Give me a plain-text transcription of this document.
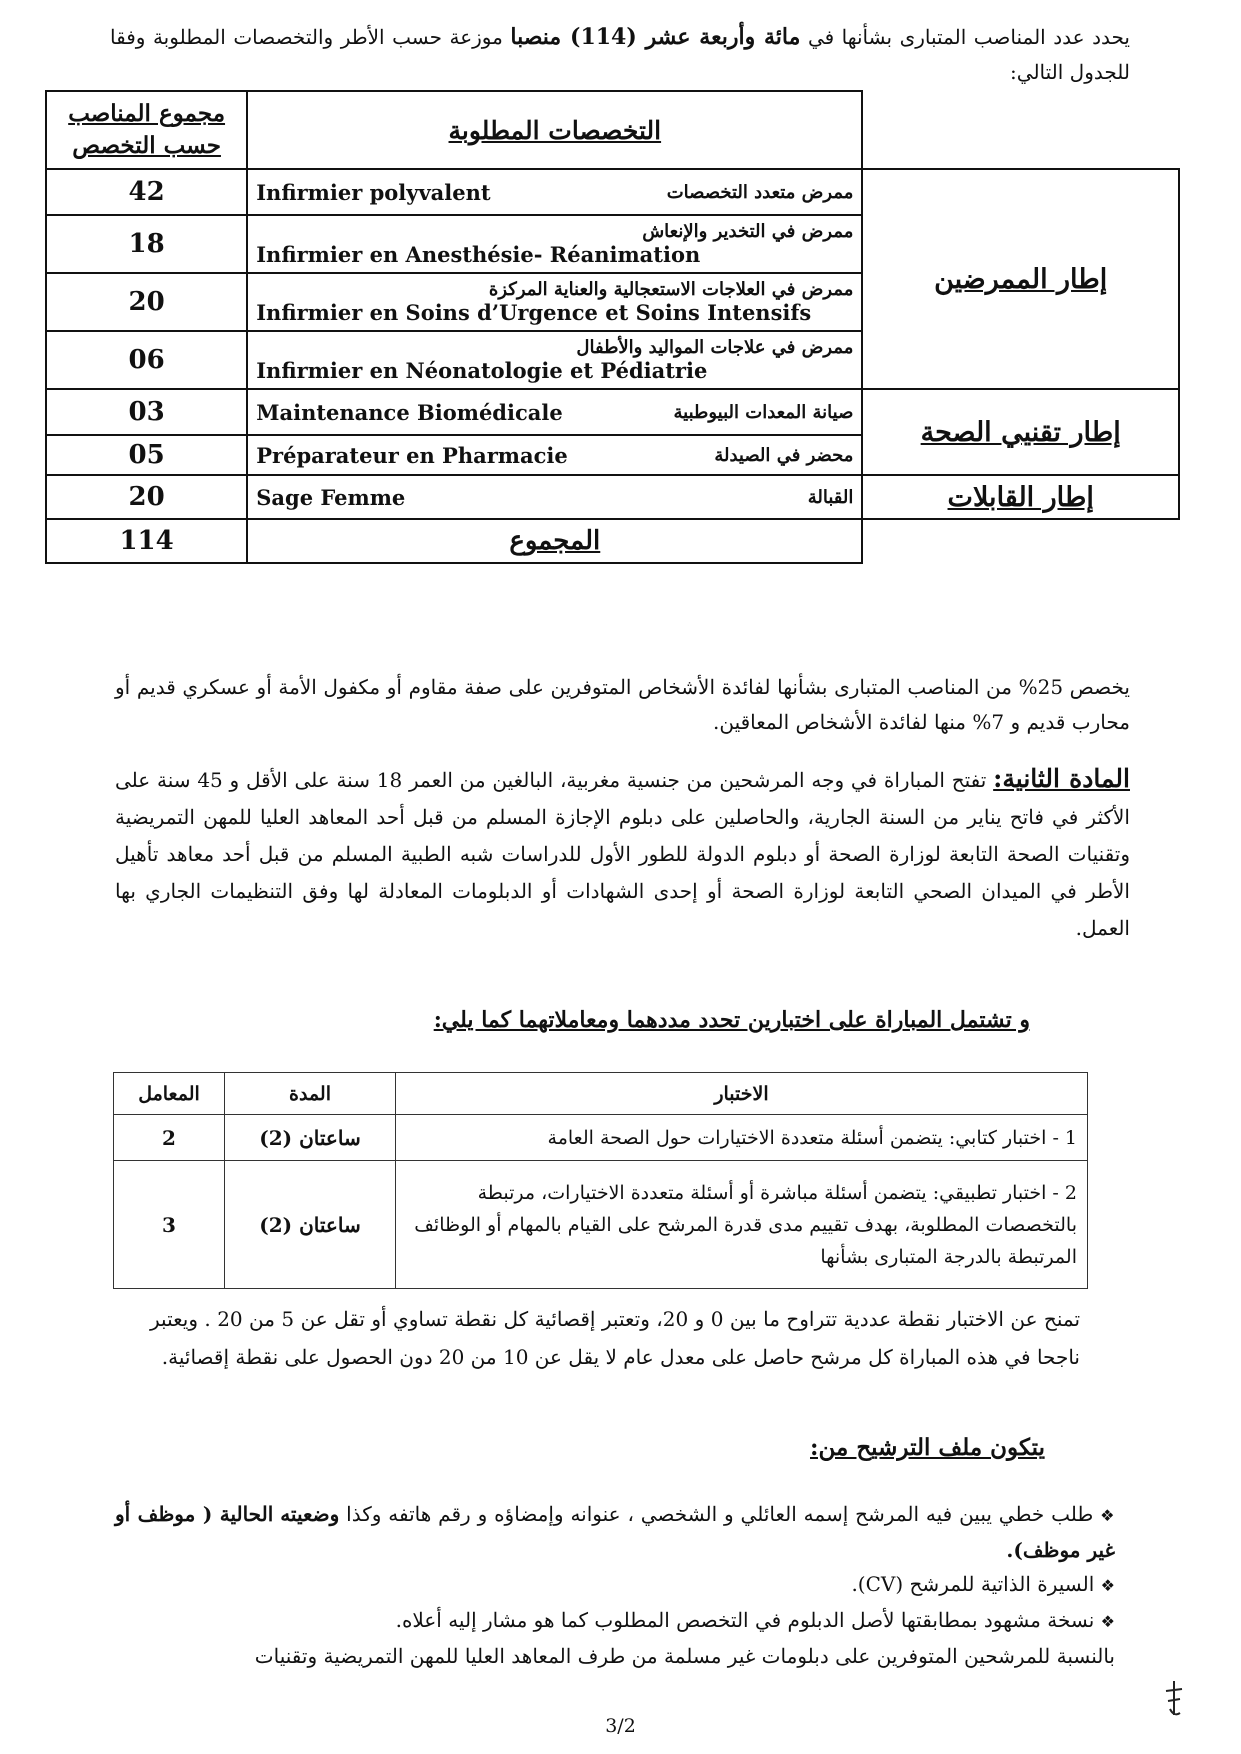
يحدد عدد المناصب المتبارى بشأنها في مائة وأربعة عشر (114) منصبا موزعة حسب الأطر والتخصصات المطلوبة وفقا للجدول التالي:
مجموع المناصب حسب التخصص	التخصصات المطلوبة	
42	Infirmier polyvalent ممرض متعدد التخصصات	إطار الممرضين
18	ممرض في التخدير والإنعاش
Infirmier en Anesthésie- Réanimation	

20	ممرض في العلاجات الاستعجالية والعناية المركزة
Infirmier en Soins d’Urgence et Soins Intensifs	

06	ممرض في علاجات المواليد والأطفال
Infirmier en Néonatologie et Pédiatrie	

03	Maintenance Biomédicale صيانة المعدات البيوطبية	إطار تقنيي الصحة
05	Préparateur en Pharmacie محضر في الصيدلة	

20	Sage Femme القبالة	إطار القابلات
114	المجموع	
يخصص 25% من المناصب المتبارى بشأنها لفائدة الأشخاص المتوفرين على صفة مقاوم أو مكفول الأمة أو عسكري قديم أو محارب قديم و 7% منها لفائدة الأشخاص المعاقين.
المادة الثانية: تفتح المباراة في وجه المرشحين من جنسية مغربية، البالغين من العمر 18 سنة على الأقل و 45 سنة على الأكثر في فاتح يناير من السنة الجارية، والحاصلين على دبلوم الإجازة المسلم من قبل أحد المعاهد العليا للمهن التمريضية وتقنيات الصحة التابعة لوزارة الصحة أو دبلوم الدولة للطور الأول للدراسات شبه الطبية المسلم من قبل أحد معاهد تأهيل الأطر في الميدان الصحي التابعة لوزارة الصحة أو إحدى الشهادات أو الدبلومات المعادلة لها وفق التنظيمات الجاري بها العمل.
و تشتمل المباراة على اختبارين تحدد مددهما ومعاملاتهما كما يلي:
الاختبار	المدة	المعامل
1 - اختبار كتابي: يتضمن أسئلة متعددة الاختيارات حول الصحة العامة	ساعتان (2)	2
2 - اختبار تطبيقي: يتضمن أسئلة مباشرة أو أسئلة متعددة الاختيارات، مرتبطة بالتخصصات المطلوبة، بهدف تقييم مدى قدرة المرشح على القيام بالمهام أو الوظائف المرتبطة بالدرجة المتبارى بشأنها	ساعتان (2)	3
تمنح عن الاختبار نقطة عددية تتراوح ما بين 0 و 20، وتعتبر إقصائية كل نقطة تساوي أو تقل عن 5 من 20 . ويعتبر ناجحا في هذه المباراة كل مرشح حاصل على معدل عام لا يقل عن 10 من 20 دون الحصول على نقطة إقصائية.
يتكون ملف الترشيح من:
❖ طلب خطي يبين فيه المرشح إسمه العائلي و الشخصي ، عنوانه وإمضاؤه و رقم هاتفه وكذا وضعيته الحالية ( موظف أو غير موظف).
❖ السيرة الذاتية للمرشح (CV).
❖ نسخة مشهود بمطابقتها لأصل الدبلوم في التخصص المطلوب كما هو مشار إليه أعلاه.
بالنسبة للمرشحين المتوفرين على دبلومات غير مسلمة من طرف المعاهد العليا للمهن التمريضية وتقنيات
3/2
